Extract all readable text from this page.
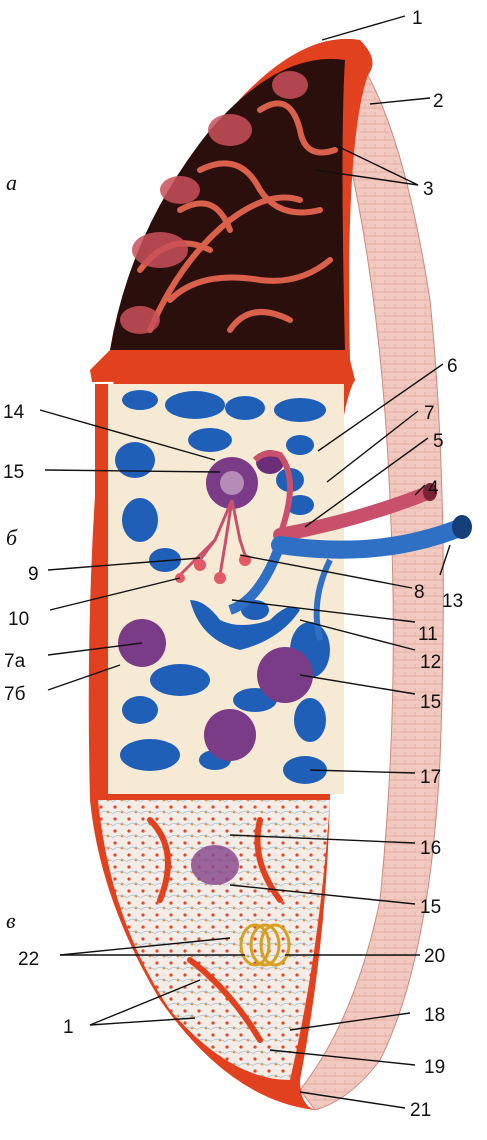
а
б
в
1
2
3
6
7
5
4
14
15
9
8 13
10
11
7а	12
7б	15
17
16
15
22	20
18
1
19
21
